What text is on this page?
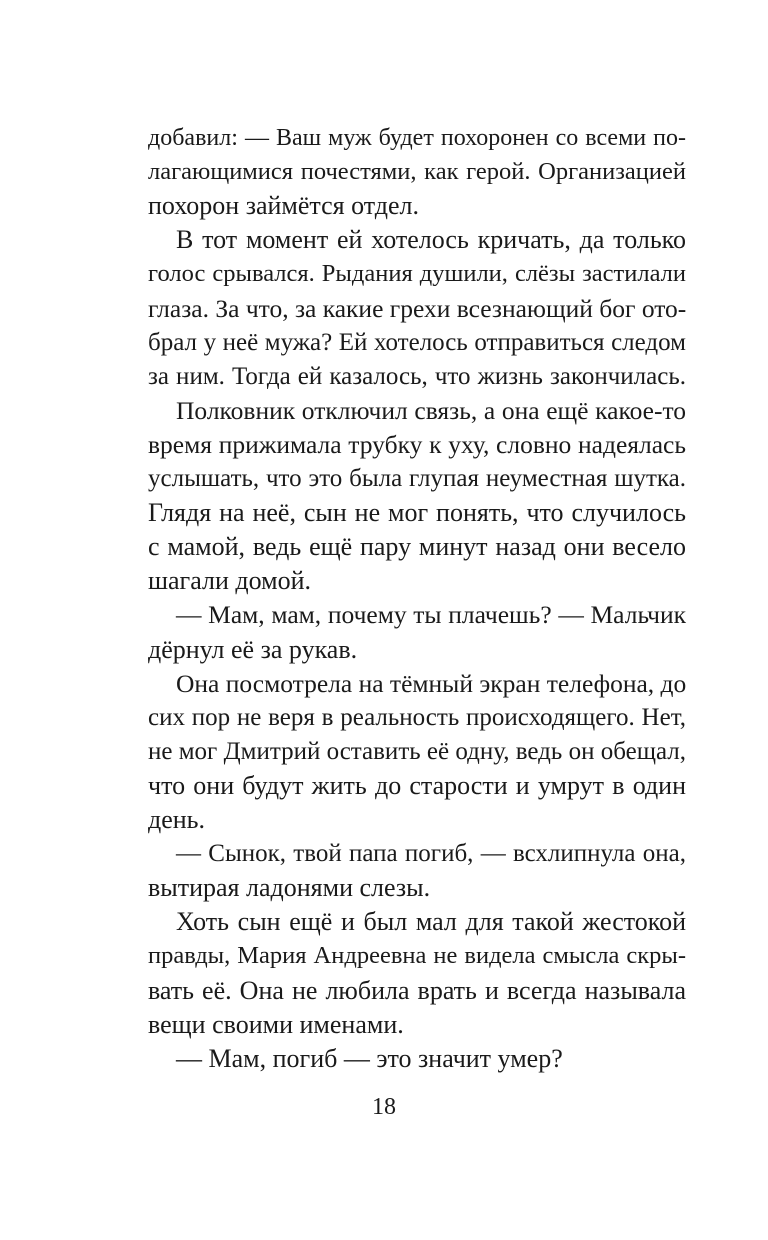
добавил: — Ваш муж будет похоронен со всеми по-
лагающимися почестями, как герой. Организацией
похорон займётся отдел.
В тот момент ей хотелось кричать, да только
голос срывался. Рыдания душили, слёзы застилали
глаза. За что, за какие грехи всезнающий бог ото-
брал у неё мужа? Ей хотелось отправиться следом
за ним. Тогда ей казалось, что жизнь закончилась.
Полковник отключил связь, а она ещё какое-то
время прижимала трубку к уху, словно надеялась
услышать, что это была глупая неуместная шутка.
Глядя на неё, сын не мог понять, что случилось
с мамой, ведь ещё пару минут назад они весело
шагали домой.
— Мам, мам, почему ты плачешь? — Мальчик
дёрнул её за рукав.
Она посмотрела на тёмный экран телефона, до
сих пор не веря в реальность происходящего. Нет,
не мог Дмитрий оставить её одну, ведь он обещал,
что они будут жить до старости и умрут в один
день.
— Сынок, твой папа погиб, — всхлипнула она,
вытирая ладонями слезы.
Хоть сын ещё и был мал для такой жестокой
правды, Мария Андреевна не видела смысла скры-
вать её. Она не любила врать и всегда называла
вещи своими именами.
— Мам, погиб — это значит умер?
18
